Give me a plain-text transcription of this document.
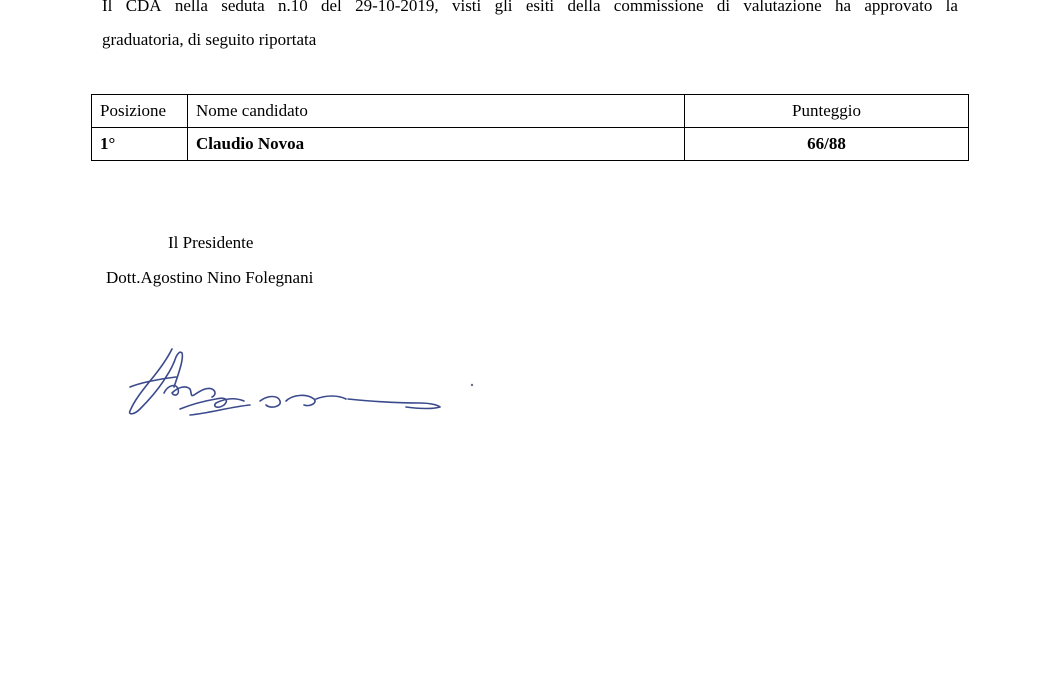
Il CDA nella seduta n.10 del 29-10-2019, visti gli esiti della commissione di valutazione ha approvato la
graduatoria, di seguito riportata
Posizione	Nome candidato	Punteggio
1°	Claudio Novoa	66/88
Il Presidente
Dott.Agostino Nino Folegnani
